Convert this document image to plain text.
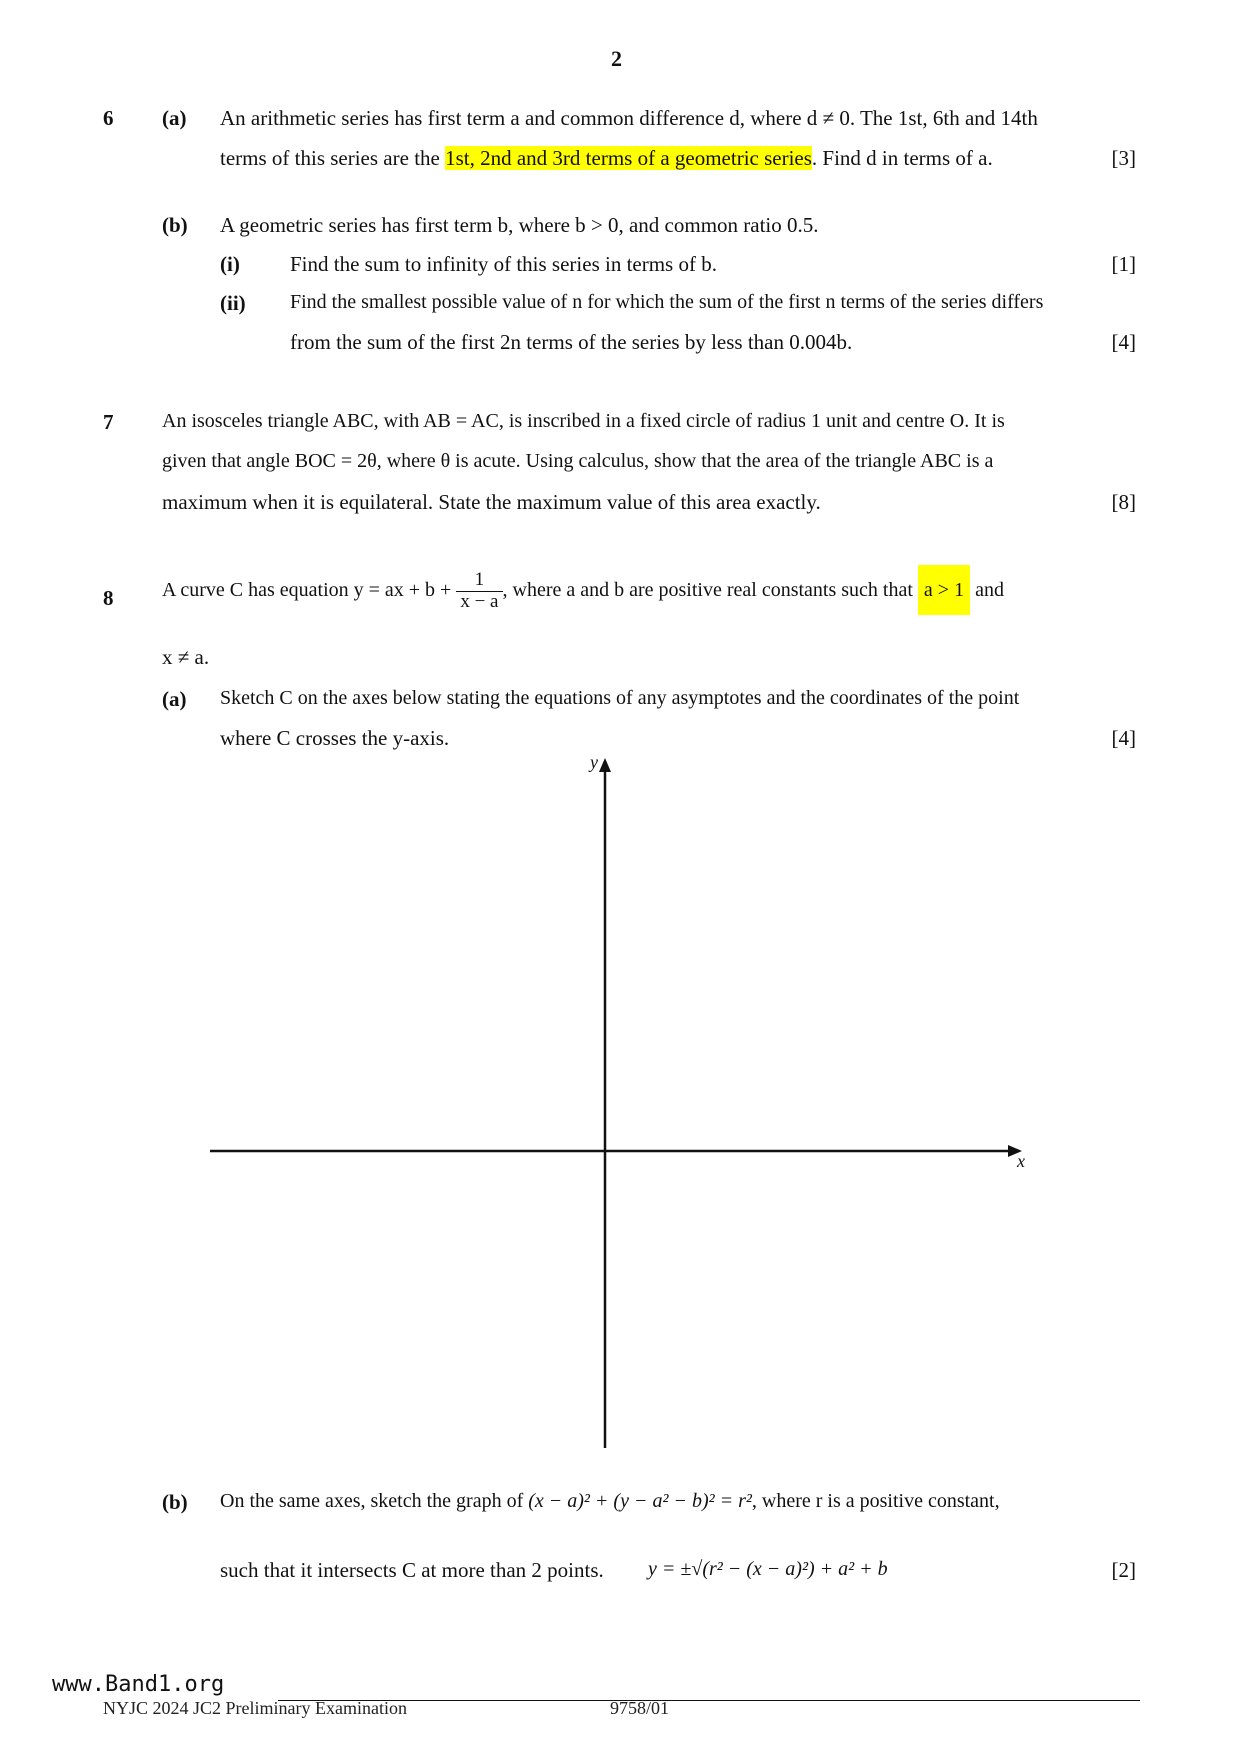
2
6 (a) An arithmetic series has first term a and common difference d, where d ≠ 0. The 1st, 6th and 14th
terms of this series are the 1st, 2nd and 3rd terms of a geometric series. Find d in terms of a.	[3]
(b) A geometric series has first term b, where b > 0, and common ratio 0.5.
(i) Find the sum to infinity of this series in terms of b.	[1]
(ii) Find the smallest possible value of n for which the sum of the first n terms of the series differs
from the sum of the first 2n terms of the series by less than 0.004b.	[4]
7 An isosceles triangle ABC, with AB = AC, is inscribed in a fixed circle of radius 1 unit and centre O. It is
given that angle BOC = 2θ, where θ is acute. Using calculus, show that the area of the triangle ABC is a
maximum when it is equilateral. State the maximum value of this area exactly.	[8]
8 A curve C has equation y = ax + $b + \frac{1}{x - a}$ , where a and b are positive real constants such that a > 1 and
x ≠ a.
(a) Sketch C on the axes below stating the equations of any asymptotes and the coordinates of the point
where C crosses the y-axis.	[4]
y
x
(b) On the same axes, sketch the graph of (x − a)² + (y − a² − b)² = r², where r is a positive constant,
such that it intersects C at more than 2 points. y = ±√(r² − (x − a)²) + a² + b	[2]
www.Band1.org
NYJC 2024 JC2 Preliminary Examination	9758/01
